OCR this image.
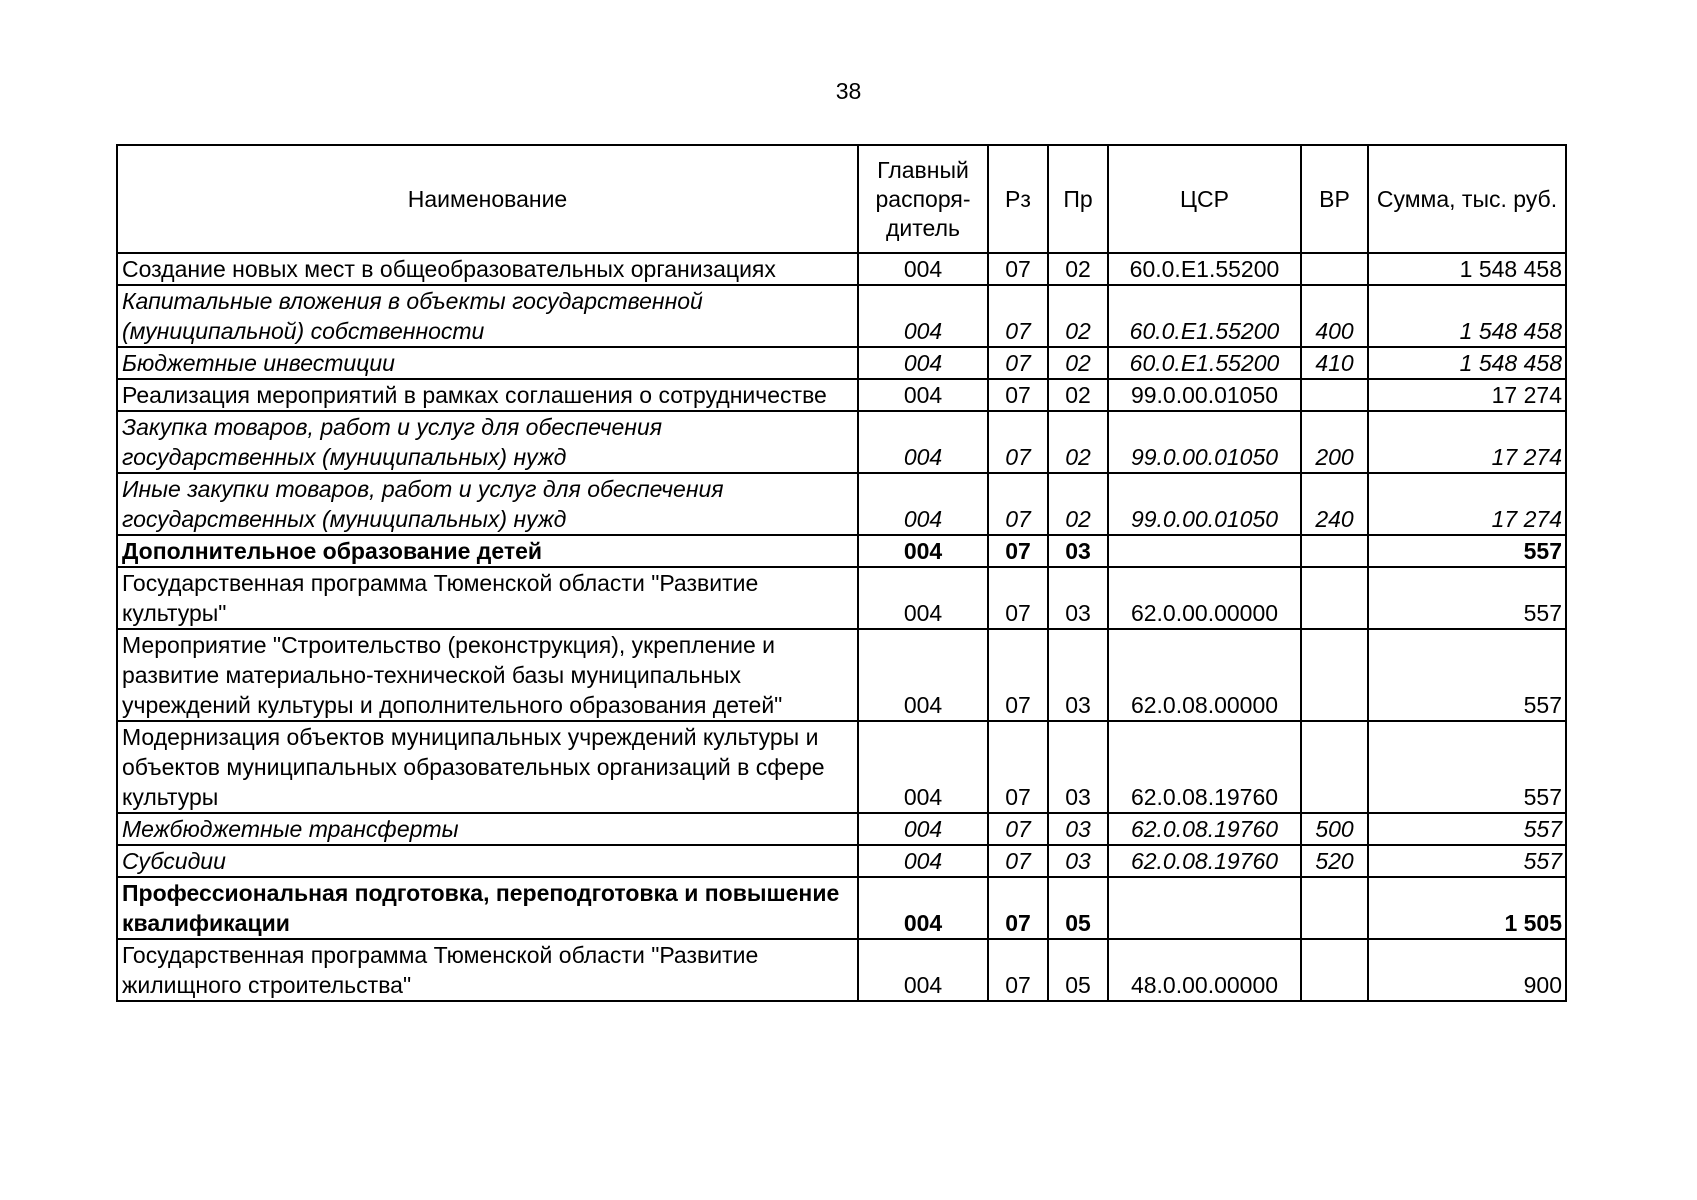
38
Наименование	Главный распоря-дитель	Рз	Пр	ЦСР	ВР	Сумма, тыс. руб.
Создание новых мест в общеобразовательных организациях	004	07	02	60.0.E1.55200		1 548 458
Капитальные вложения в объекты государственной (муниципальной) собственности	004	07	02	60.0.E1.55200	400	1 548 458
Бюджетные инвестиции	004	07	02	60.0.E1.55200	410	1 548 458
Реализация мероприятий в рамках соглашения о сотрудничестве	004	07	02	99.0.00.01050		17 274
Закупка товаров, работ и услуг для обеспечения государственных (муниципальных) нужд	004	07	02	99.0.00.01050	200	17 274
Иные закупки товаров, работ и услуг для обеспечения государственных (муниципальных) нужд	004	07	02	99.0.00.01050	240	17 274
Дополнительное образование детей	004	07	03			557
Государственная программа Тюменской области "Развитие культуры"	004	07	03	62.0.00.00000		557
Мероприятие "Строительство (реконструкция), укрепление и развитие материально-технической базы муниципальных учреждений культуры и дополнительного образования детей"	004	07	03	62.0.08.00000		557
Модернизация объектов муниципальных учреждений культуры и объектов муниципальных образовательных организаций в сфере культуры	004	07	03	62.0.08.19760		557
Межбюджетные трансферты	004	07	03	62.0.08.19760	500	557
Субсидии	004	07	03	62.0.08.19760	520	557
Профессиональная подготовка, переподготовка и повышение квалификации	004	07	05			1 505
Государственная программа Тюменской области "Развитие жилищного строительства"	004	07	05	48.0.00.00000		900
